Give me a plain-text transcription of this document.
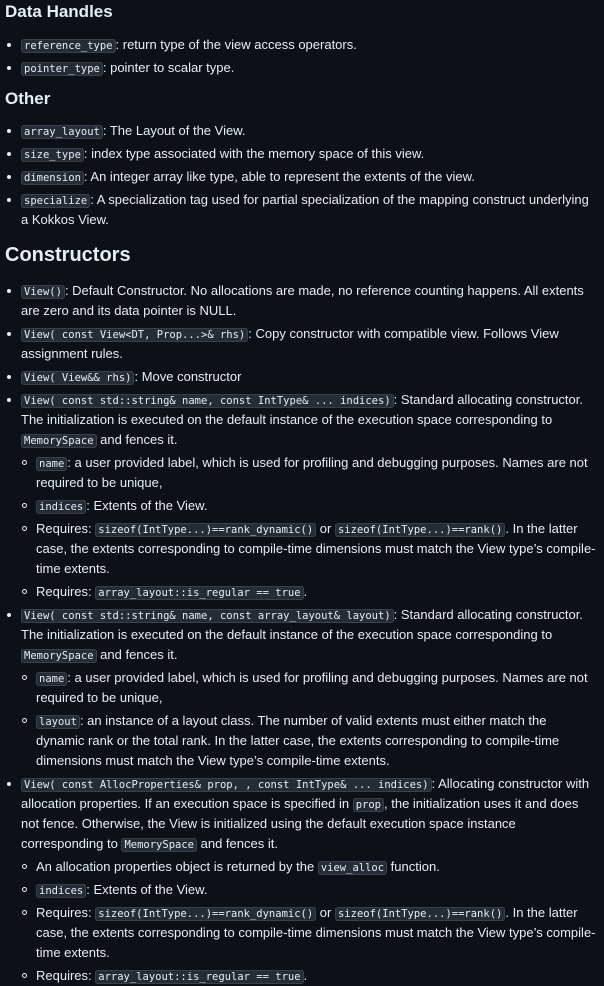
Data Handles
reference_type : return type of the view access operators.
pointer_type : pointer to scalar type.
Other
array_layout : The Layout of the View.
size_type : index type associated with the memory space of this view.
dimension : An integer array like type, able to represent the extents of the view.
specialize : A specialization tag used for partial specialization of the mapping construct underlying a Kokkos View.
Constructors
View() : Default Constructor. No allocations are made, no reference counting happens. All extents are zero and its data pointer is NULL.
View( const View<DT, Prop...>& rhs) : Copy constructor with compatible view. Follows View assignment rules.
View( View&& rhs) : Move constructor
View( const std::string& name, const IntType& ... indices) : Standard allocating constructor. The initialization is executed on the default instance of the execution space corresponding to MemorySpace and fences it.
name : a user provided label, which is used for profiling and debugging purposes. Names are not required to be unique,
indices : Extents of the View.
Requires: sizeof(IntType...)==rank_dynamic() or sizeof(IntType...)==rank() . In the latter case, the extents corresponding to compile-time dimensions must match the View type’s compile-time extents.
Requires: array_layout::is_regular == true .
View( const std::string& name, const array_layout& layout) : Standard allocating constructor. The initialization is executed on the default instance of the execution space corresponding to MemorySpace and fences it.
name : a user provided label, which is used for profiling and debugging purposes. Names are not required to be unique,
layout : an instance of a layout class. The number of valid extents must either match the dynamic rank or the total rank. In the latter case, the extents corresponding to compile-time dimensions must match the View type’s compile-time extents.
View( const AllocProperties& prop, , const IntType& ... indices) : Allocating constructor with allocation properties. If an execution space is specified in prop , the initialization uses it and does not fence. Otherwise, the View is initialized using the default execution space instance corresponding to MemorySpace and fences it.
An allocation properties object is returned by the view_alloc function.
indices : Extents of the View.
Requires: sizeof(IntType...)==rank_dynamic() or sizeof(IntType...)==rank() . In the latter case, the extents corresponding to compile-time dimensions must match the View type’s compile-time extents.
Requires: array_layout::is_regular == true .
